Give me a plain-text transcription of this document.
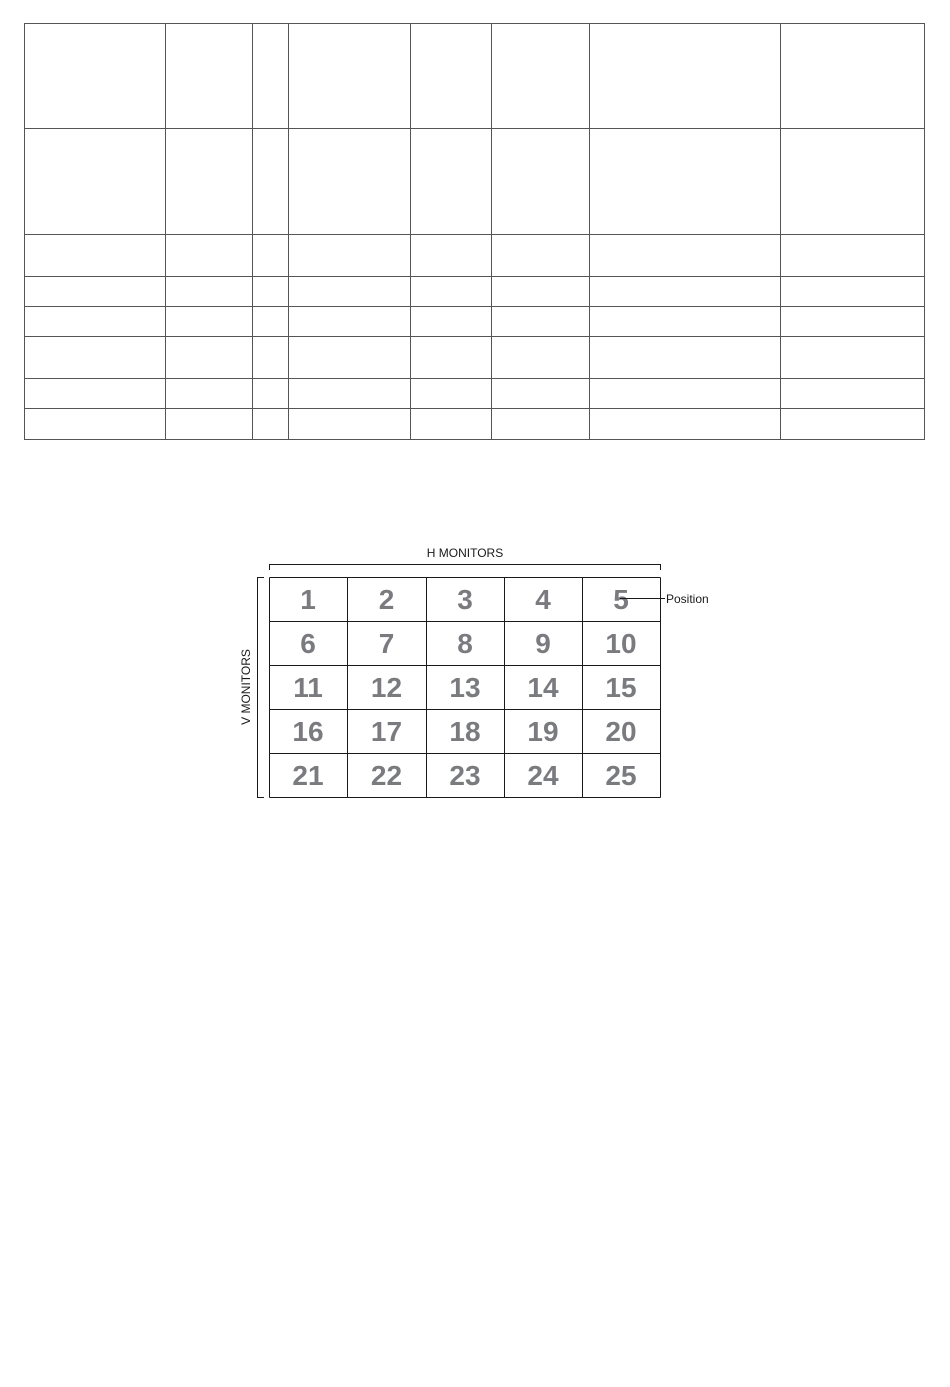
H MONITORS
V MONITORS
1 2 3 4 5
6 7 8 9 10
11 12 13 14 15
16 17 18 19 20
21 22 23 24 25
Position
